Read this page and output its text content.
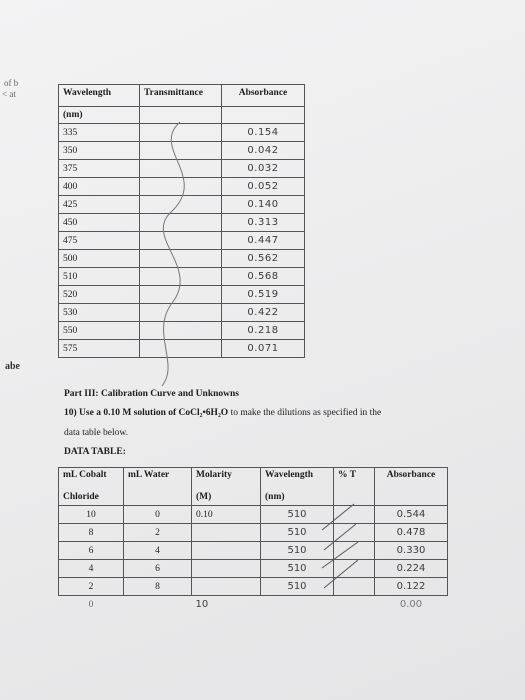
of b
< at
abe
Wavelength	Transmittance	Absorbance
(nm)		
335		0.154
350		0.042
375		0.032
400		0.052
425		0.140
450		0.313
475		0.447
500		0.562
510		0.568
520		0.519
530		0.422
550		0.218
575		0.071
Part III: Calibration Curve and Unknowns
10) Use a 0.10 M solution of CoCl₂•6H₂O to make the dilutions as specified in the
data table below.
DATA TABLE:
mL Cobalt	mL Water	Molarity	Wavelength	% T	Absorbance
Chloride		(M)	(nm)		
10	0	0.10	510		0.544
8	2		510		0.478
6	4		510		0.330
4	6		510		0.224
2	8		510		0.122
0		10			0.00
